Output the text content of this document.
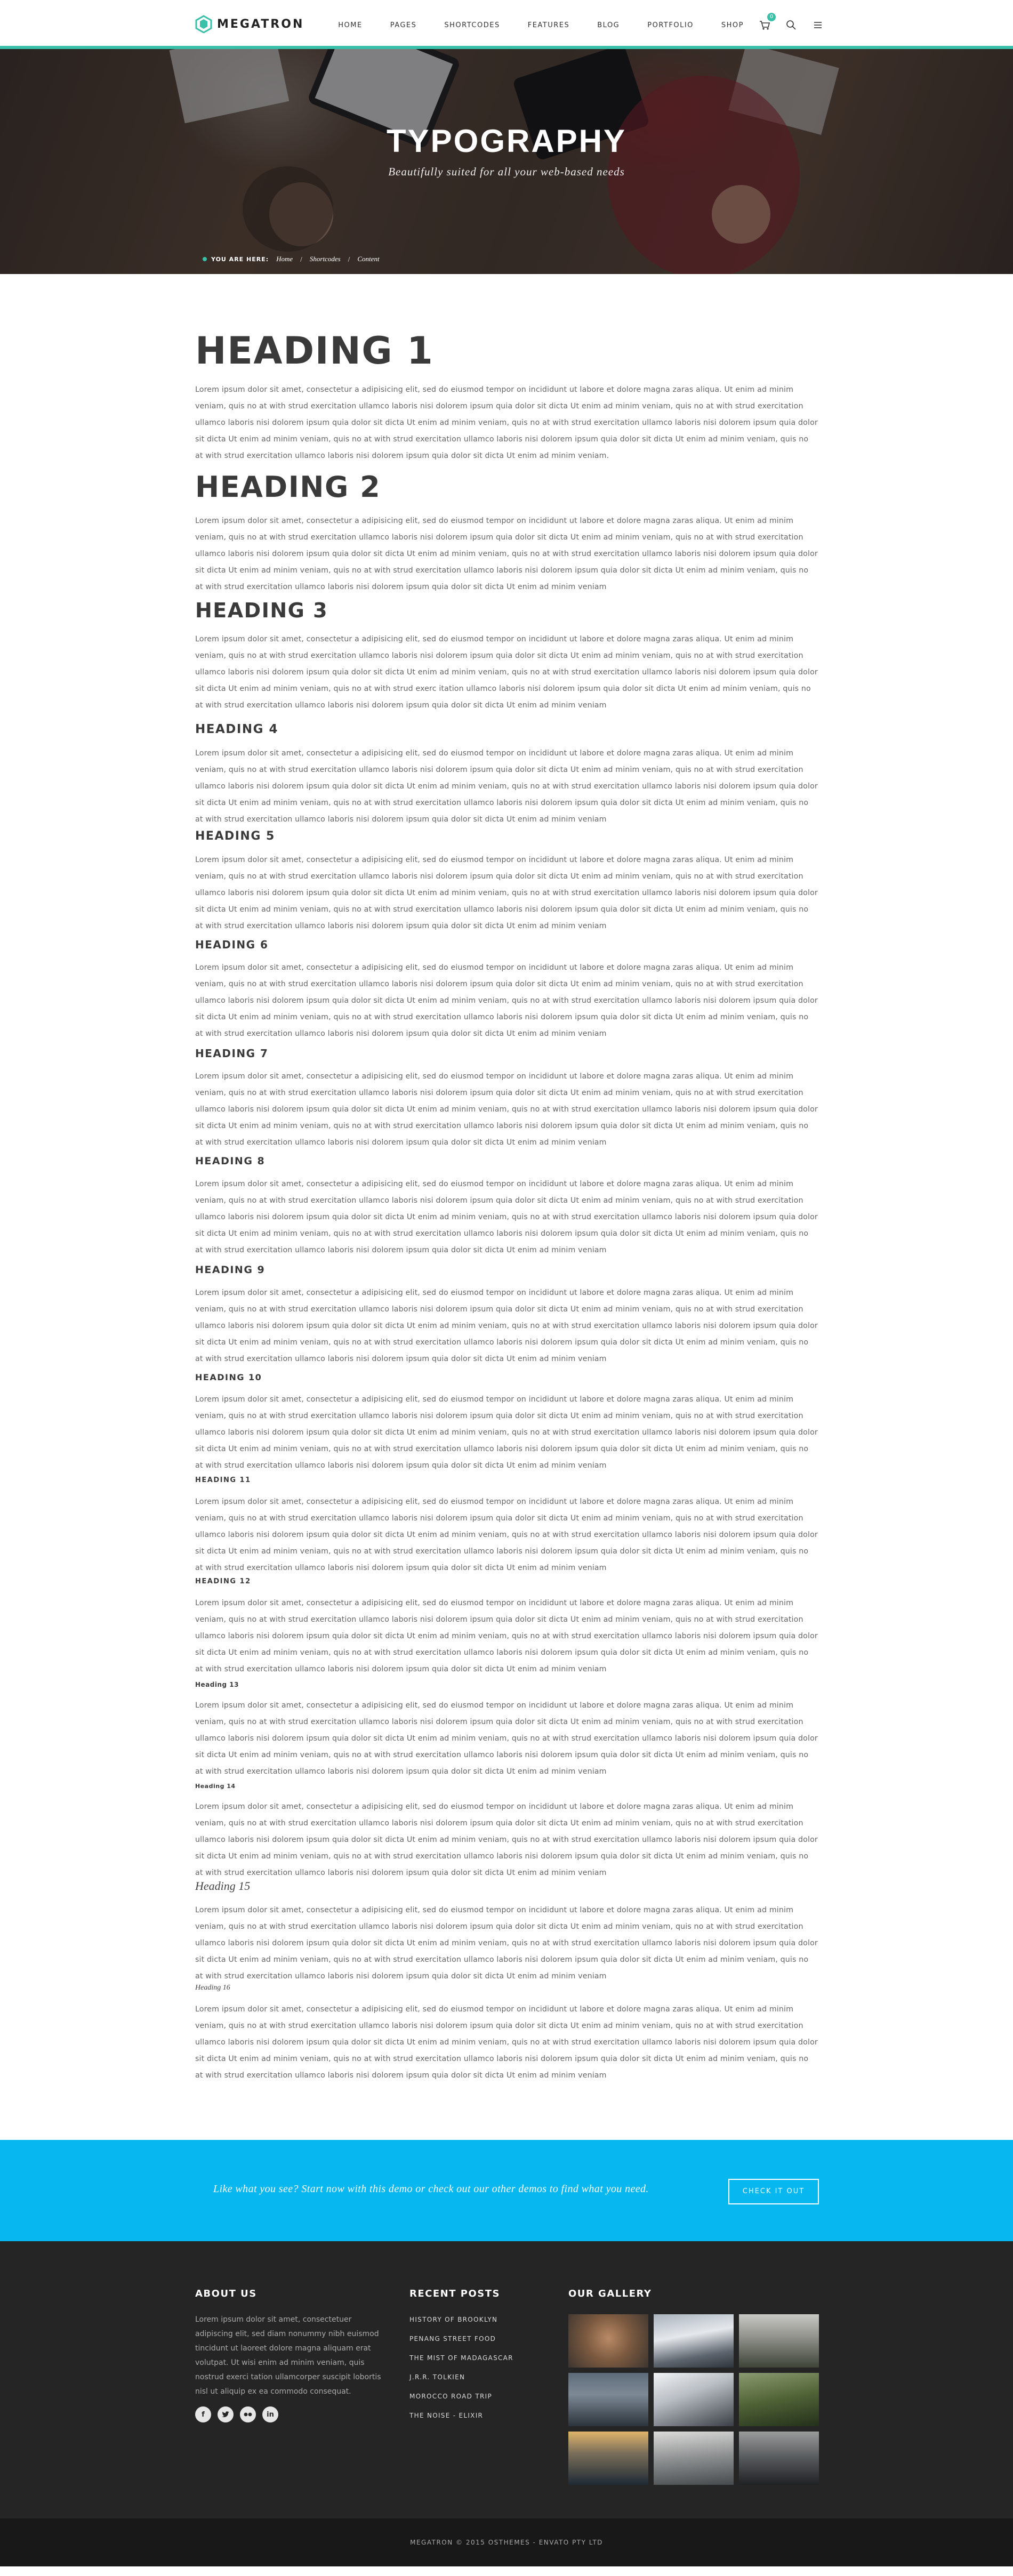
MEGATRON	HOME	PAGES	SHORTCODES	FEATURES	BLOG	PORTFOLIO	SHOP
0
TYPOGRAPHY
Beautifully suited for all your web-based needs
YOU ARE HERE: Home / Shortcodes / Content
HEADING 1

Lorem ipsum dolor sit amet, consectetur a adipisicing elit, sed do eiusmod tempor on incididunt ut labore et dolore magna zaras aliqua. Ut enim ad minim veniam, quis no at with strud exercitation ullamco laboris nisi dolorem ipsum quia dolor sit dicta Ut enim ad minim veniam, quis no at with strud exercitation ullamco laboris nisi dolorem ipsum quia dolor sit dicta Ut enim ad minim veniam, quis no at with strud exercitation ullamco laboris nisi dolorem ipsum quia dolor sit dicta Ut enim ad minim veniam, quis no at with strud exercitation ullamco laboris nisi dolorem ipsum quia dolor sit dicta Ut enim ad minim veniam, quis no at with strud exercitation ullamco laboris nisi dolorem ipsum quia dolor sit dicta Ut enim ad minim veniam.

HEADING 2

Lorem ipsum dolor sit amet, consectetur a adipisicing elit, sed do eiusmod tempor on incididunt ut labore et dolore magna zaras aliqua. Ut enim ad minim veniam, quis no at with strud exercitation ullamco laboris nisi dolorem ipsum quia dolor sit dicta Ut enim ad minim veniam, quis no at with strud exercitation ullamco laboris nisi dolorem ipsum quia dolor sit dicta Ut enim ad minim veniam, quis no at with strud exercitation ullamco laboris nisi dolorem ipsum quia dolor sit dicta Ut enim ad minim veniam, quis no at with strud exercitation ullamco laboris nisi dolorem ipsum quia dolor sit dicta Ut enim ad minim veniam, quis no at with strud exercitation ullamco laboris nisi dolorem ipsum quia dolor sit dicta Ut enim ad minim veniam

HEADING 3

Lorem ipsum dolor sit amet, consectetur a adipisicing elit, sed do eiusmod tempor on incididunt ut labore et dolore magna zaras aliqua. Ut enim ad minim veniam, quis no at with strud exercitation ullamco laboris nisi dolorem ipsum quia dolor sit dicta Ut enim ad minim veniam, quis no at with strud exercitation ullamco laboris nisi dolorem ipsum quia dolor sit dicta Ut enim ad minim veniam, quis no at with strud exercitation ullamco laboris nisi dolorem ipsum quia dolor sit dicta Ut enim ad minim veniam, quis no at with strud exerc itation ullamco laboris nisi dolorem ipsum quia dolor sit dicta Ut enim ad minim veniam, quis no at with strud exercitation ullamco laboris nisi dolorem ipsum quia dolor sit dicta Ut enim ad minim veniam

HEADING 4

Lorem ipsum dolor sit amet, consectetur a adipisicing elit, sed do eiusmod tempor on incididunt ut labore et dolore magna zaras aliqua. Ut enim ad minim veniam, quis no at with strud exercitation ullamco laboris nisi dolorem ipsum quia dolor sit dicta Ut enim ad minim veniam, quis no at with strud exercitation ullamco laboris nisi dolorem ipsum quia dolor sit dicta Ut enim ad minim veniam, quis no at with strud exercitation ullamco laboris nisi dolorem ipsum quia dolor sit dicta Ut enim ad minim veniam, quis no at with strud exercitation ullamco laboris nisi dolorem ipsum quia dolor sit dicta Ut enim ad minim veniam, quis no at with strud exercitation ullamco laboris nisi dolorem ipsum quia dolor sit dicta Ut enim ad minim veniam

HEADING 5

Lorem ipsum dolor sit amet, consectetur a adipisicing elit, sed do eiusmod tempor on incididunt ut labore et dolore magna zaras aliqua. Ut enim ad minim veniam, quis no at with strud exercitation ullamco laboris nisi dolorem ipsum quia dolor sit dicta Ut enim ad minim veniam, quis no at with strud exercitation ullamco laboris nisi dolorem ipsum quia dolor sit dicta Ut enim ad minim veniam, quis no at with strud exercitation ullamco laboris nisi dolorem ipsum quia dolor sit dicta Ut enim ad minim veniam, quis no at with strud exercitation ullamco laboris nisi dolorem ipsum quia dolor sit dicta Ut enim ad minim veniam, quis no at with strud exercitation ullamco laboris nisi dolorem ipsum quia dolor sit dicta Ut enim ad minim veniam

HEADING 6

Lorem ipsum dolor sit amet, consectetur a adipisicing elit, sed do eiusmod tempor on incididunt ut labore et dolore magna zaras aliqua. Ut enim ad minim veniam, quis no at with strud exercitation ullamco laboris nisi dolorem ipsum quia dolor sit dicta Ut enim ad minim veniam, quis no at with strud exercitation ullamco laboris nisi dolorem ipsum quia dolor sit dicta Ut enim ad minim veniam, quis no at with strud exercitation ullamco laboris nisi dolorem ipsum quia dolor sit dicta Ut enim ad minim veniam, quis no at with strud exercitation ullamco laboris nisi dolorem ipsum quia dolor sit dicta Ut enim ad minim veniam, quis no at with strud exercitation ullamco laboris nisi dolorem ipsum quia dolor sit dicta Ut enim ad minim veniam

HEADING 7

Lorem ipsum dolor sit amet, consectetur a adipisicing elit, sed do eiusmod tempor on incididunt ut labore et dolore magna zaras aliqua. Ut enim ad minim veniam, quis no at with strud exercitation ullamco laboris nisi dolorem ipsum quia dolor sit dicta Ut enim ad minim veniam, quis no at with strud exercitation ullamco laboris nisi dolorem ipsum quia dolor sit dicta Ut enim ad minim veniam, quis no at with strud exercitation ullamco laboris nisi dolorem ipsum quia dolor sit dicta Ut enim ad minim veniam, quis no at with strud exercitation ullamco laboris nisi dolorem ipsum quia dolor sit dicta Ut enim ad minim veniam, quis no at with strud exercitation ullamco laboris nisi dolorem ipsum quia dolor sit dicta Ut enim ad minim veniam

HEADING 8

Lorem ipsum dolor sit amet, consectetur a adipisicing elit, sed do eiusmod tempor on incididunt ut labore et dolore magna zaras aliqua. Ut enim ad minim veniam, quis no at with strud exercitation ullamco laboris nisi dolorem ipsum quia dolor sit dicta Ut enim ad minim veniam, quis no at with strud exercitation ullamco laboris nisi dolorem ipsum quia dolor sit dicta Ut enim ad minim veniam, quis no at with strud exercitation ullamco laboris nisi dolorem ipsum quia dolor sit dicta Ut enim ad minim veniam, quis no at with strud exercitation ullamco laboris nisi dolorem ipsum quia dolor sit dicta Ut enim ad minim veniam, quis no at with strud exercitation ullamco laboris nisi dolorem ipsum quia dolor sit dicta Ut enim ad minim veniam

HEADING 9

Lorem ipsum dolor sit amet, consectetur a adipisicing elit, sed do eiusmod tempor on incididunt ut labore et dolore magna zaras aliqua. Ut enim ad minim veniam, quis no at with strud exercitation ullamco laboris nisi dolorem ipsum quia dolor sit dicta Ut enim ad minim veniam, quis no at with strud exercitation ullamco laboris nisi dolorem ipsum quia dolor sit dicta Ut enim ad minim veniam, quis no at with strud exercitation ullamco laboris nisi dolorem ipsum quia dolor sit dicta Ut enim ad minim veniam, quis no at with strud exercitation ullamco laboris nisi dolorem ipsum quia dolor sit dicta Ut enim ad minim veniam, quis no at with strud exercitation ullamco laboris nisi dolorem ipsum quia dolor sit dicta Ut enim ad minim veniam

HEADING 10

Lorem ipsum dolor sit amet, consectetur a adipisicing elit, sed do eiusmod tempor on incididunt ut labore et dolore magna zaras aliqua. Ut enim ad minim veniam, quis no at with strud exercitation ullamco laboris nisi dolorem ipsum quia dolor sit dicta Ut enim ad minim veniam, quis no at with strud exercitation ullamco laboris nisi dolorem ipsum quia dolor sit dicta Ut enim ad minim veniam, quis no at with strud exercitation ullamco laboris nisi dolorem ipsum quia dolor sit dicta Ut enim ad minim veniam, quis no at with strud exercitation ullamco laboris nisi dolorem ipsum quia dolor sit dicta Ut enim ad minim veniam, quis no at with strud exercitation ullamco laboris nisi dolorem ipsum quia dolor sit dicta Ut enim ad minim veniam

HEADING 11

Lorem ipsum dolor sit amet, consectetur a adipisicing elit, sed do eiusmod tempor on incididunt ut labore et dolore magna zaras aliqua. Ut enim ad minim veniam, quis no at with strud exercitation ullamco laboris nisi dolorem ipsum quia dolor sit dicta Ut enim ad minim veniam, quis no at with strud exercitation ullamco laboris nisi dolorem ipsum quia dolor sit dicta Ut enim ad minim veniam, quis no at with strud exercitation ullamco laboris nisi dolorem ipsum quia dolor sit dicta Ut enim ad minim veniam, quis no at with strud exercitation ullamco laboris nisi dolorem ipsum quia dolor sit dicta Ut enim ad minim veniam, quis no at with strud exercitation ullamco laboris nisi dolorem ipsum quia dolor sit dicta Ut enim ad minim veniam

HEADING 12

Lorem ipsum dolor sit amet, consectetur a adipisicing elit, sed do eiusmod tempor on incididunt ut labore et dolore magna zaras aliqua. Ut enim ad minim veniam, quis no at with strud exercitation ullamco laboris nisi dolorem ipsum quia dolor sit dicta Ut enim ad minim veniam, quis no at with strud exercitation ullamco laboris nisi dolorem ipsum quia dolor sit dicta Ut enim ad minim veniam, quis no at with strud exercitation ullamco laboris nisi dolorem ipsum quia dolor sit dicta Ut enim ad minim veniam, quis no at with strud exercitation ullamco laboris nisi dolorem ipsum quia dolor sit dicta Ut enim ad minim veniam, quis no at with strud exercitation ullamco laboris nisi dolorem ipsum quia dolor sit dicta Ut enim ad minim veniam

Heading 13

Lorem ipsum dolor sit amet, consectetur a adipisicing elit, sed do eiusmod tempor on incididunt ut labore et dolore magna zaras aliqua. Ut enim ad minim veniam, quis no at with strud exercitation ullamco laboris nisi dolorem ipsum quia dolor sit dicta Ut enim ad minim veniam, quis no at with strud exercitation ullamco laboris nisi dolorem ipsum quia dolor sit dicta Ut enim ad minim veniam, quis no at with strud exercitation ullamco laboris nisi dolorem ipsum quia dolor sit dicta Ut enim ad minim veniam, quis no at with strud exercitation ullamco laboris nisi dolorem ipsum quia dolor sit dicta Ut enim ad minim veniam, quis no at with strud exercitation ullamco laboris nisi dolorem ipsum quia dolor sit dicta Ut enim ad minim veniam

Heading 14

Lorem ipsum dolor sit amet, consectetur a adipisicing elit, sed do eiusmod tempor on incididunt ut labore et dolore magna zaras aliqua. Ut enim ad minim veniam, quis no at with strud exercitation ullamco laboris nisi dolorem ipsum quia dolor sit dicta Ut enim ad minim veniam, quis no at with strud exercitation ullamco laboris nisi dolorem ipsum quia dolor sit dicta Ut enim ad minim veniam, quis no at with strud exercitation ullamco laboris nisi dolorem ipsum quia dolor sit dicta Ut enim ad minim veniam, quis no at with strud exercitation ullamco laboris nisi dolorem ipsum quia dolor sit dicta Ut enim ad minim veniam, quis no at with strud exercitation ullamco laboris nisi dolorem ipsum quia dolor sit dicta Ut enim ad minim veniam

Heading 15

Lorem ipsum dolor sit amet, consectetur a adipisicing elit, sed do eiusmod tempor on incididunt ut labore et dolore magna zaras aliqua. Ut enim ad minim veniam, quis no at with strud exercitation ullamco laboris nisi dolorem ipsum quia dolor sit dicta Ut enim ad minim veniam, quis no at with strud exercitation ullamco laboris nisi dolorem ipsum quia dolor sit dicta Ut enim ad minim veniam, quis no at with strud exercitation ullamco laboris nisi dolorem ipsum quia dolor sit dicta Ut enim ad minim veniam, quis no at with strud exercitation ullamco laboris nisi dolorem ipsum quia dolor sit dicta Ut enim ad minim veniam, quis no at with strud exercitation ullamco laboris nisi dolorem ipsum quia dolor sit dicta Ut enim ad minim veniam

Heading 16

Lorem ipsum dolor sit amet, consectetur a adipisicing elit, sed do eiusmod tempor on incididunt ut labore et dolore magna zaras aliqua. Ut enim ad minim veniam, quis no at with strud exercitation ullamco laboris nisi dolorem ipsum quia dolor sit dicta Ut enim ad minim veniam, quis no at with strud exercitation ullamco laboris nisi dolorem ipsum quia dolor sit dicta Ut enim ad minim veniam, quis no at with strud exercitation ullamco laboris nisi dolorem ipsum quia dolor sit dicta Ut enim ad minim veniam, quis no at with strud exercitation ullamco laboris nisi dolorem ipsum quia dolor sit dicta Ut enim ad minim veniam, quis no at with strud exercitation ullamco laboris nisi dolorem ipsum quia dolor sit dicta Ut enim ad minim veniam

Like what you see? Start now with this demo or check out our other demos to find what you need.	CHECK IT OUT
ABOUT US

Lorem ipsum dolor sit amet, consectetuer adipiscing elit, sed diam nonummy nibh euismod tincidunt ut laoreet dolore magna aliquam erat volutpat. Ut wisi enim ad minim veniam, quis nostrud exerci tation ullamcorper suscipit lobortis nisl ut aliquip ex ea commodo consequat.

f	in
RECENT POSTS
HISTORY OF BROOKLYN
PENANG STREET FOOD
THE MIST OF MADAGASCAR
J.R.R. TOLKIEN
MOROCCO ROAD TRIP
THE NOISE - ELIXIR
OUR GALLERY
MEGATRON © 2015 OSTHEMES - ENVATO PTY LTD
